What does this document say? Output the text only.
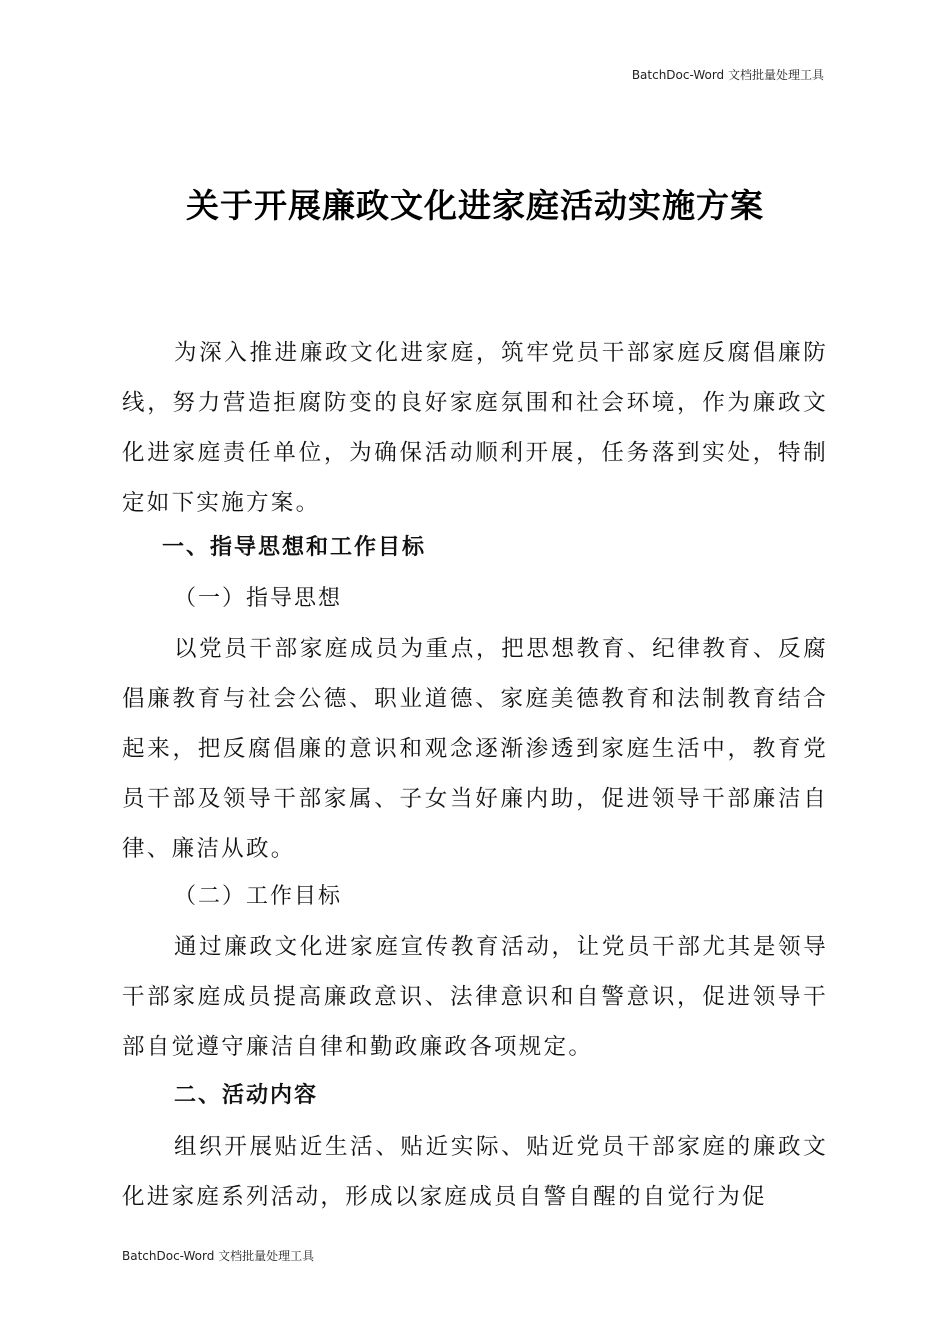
BatchDoc-Word 文档批量处理工具
关于开展廉政文化进家庭活动实施方案

为深入推进廉政文化进家庭，筑牢党员干部家庭反腐倡廉防线，努力营造拒腐防变的良好家庭氛围和社会环境，作为廉政文化进家庭责任单位，为确保活动顺利开展，任务落到实处，特制定如下实施方案。

一、指导思想和工作目标
（一）指导思想

以党员干部家庭成员为重点，把思想教育、纪律教育、反腐倡廉教育与社会公德、职业道德、家庭美德教育和法制教育结合起来，把反腐倡廉的意识和观念逐渐渗透到家庭生活中，教育党员干部及领导干部家属、子女当好廉内助，促进领导干部廉洁自律、廉洁从政。

（二）工作目标

通过廉政文化进家庭宣传教育活动，让党员干部尤其是领导干部家庭成员提高廉政意识、法律意识和自警意识，促进领导干部自觉遵守廉洁自律和勤政廉政各项规定。

二、活动内容

组织开展贴近生活、贴近实际、贴近党员干部家庭的廉政文化进家庭系列活动，形成以家庭成员自警自醒的自觉行为促

BatchDoc-Word 文档批量处理工具
